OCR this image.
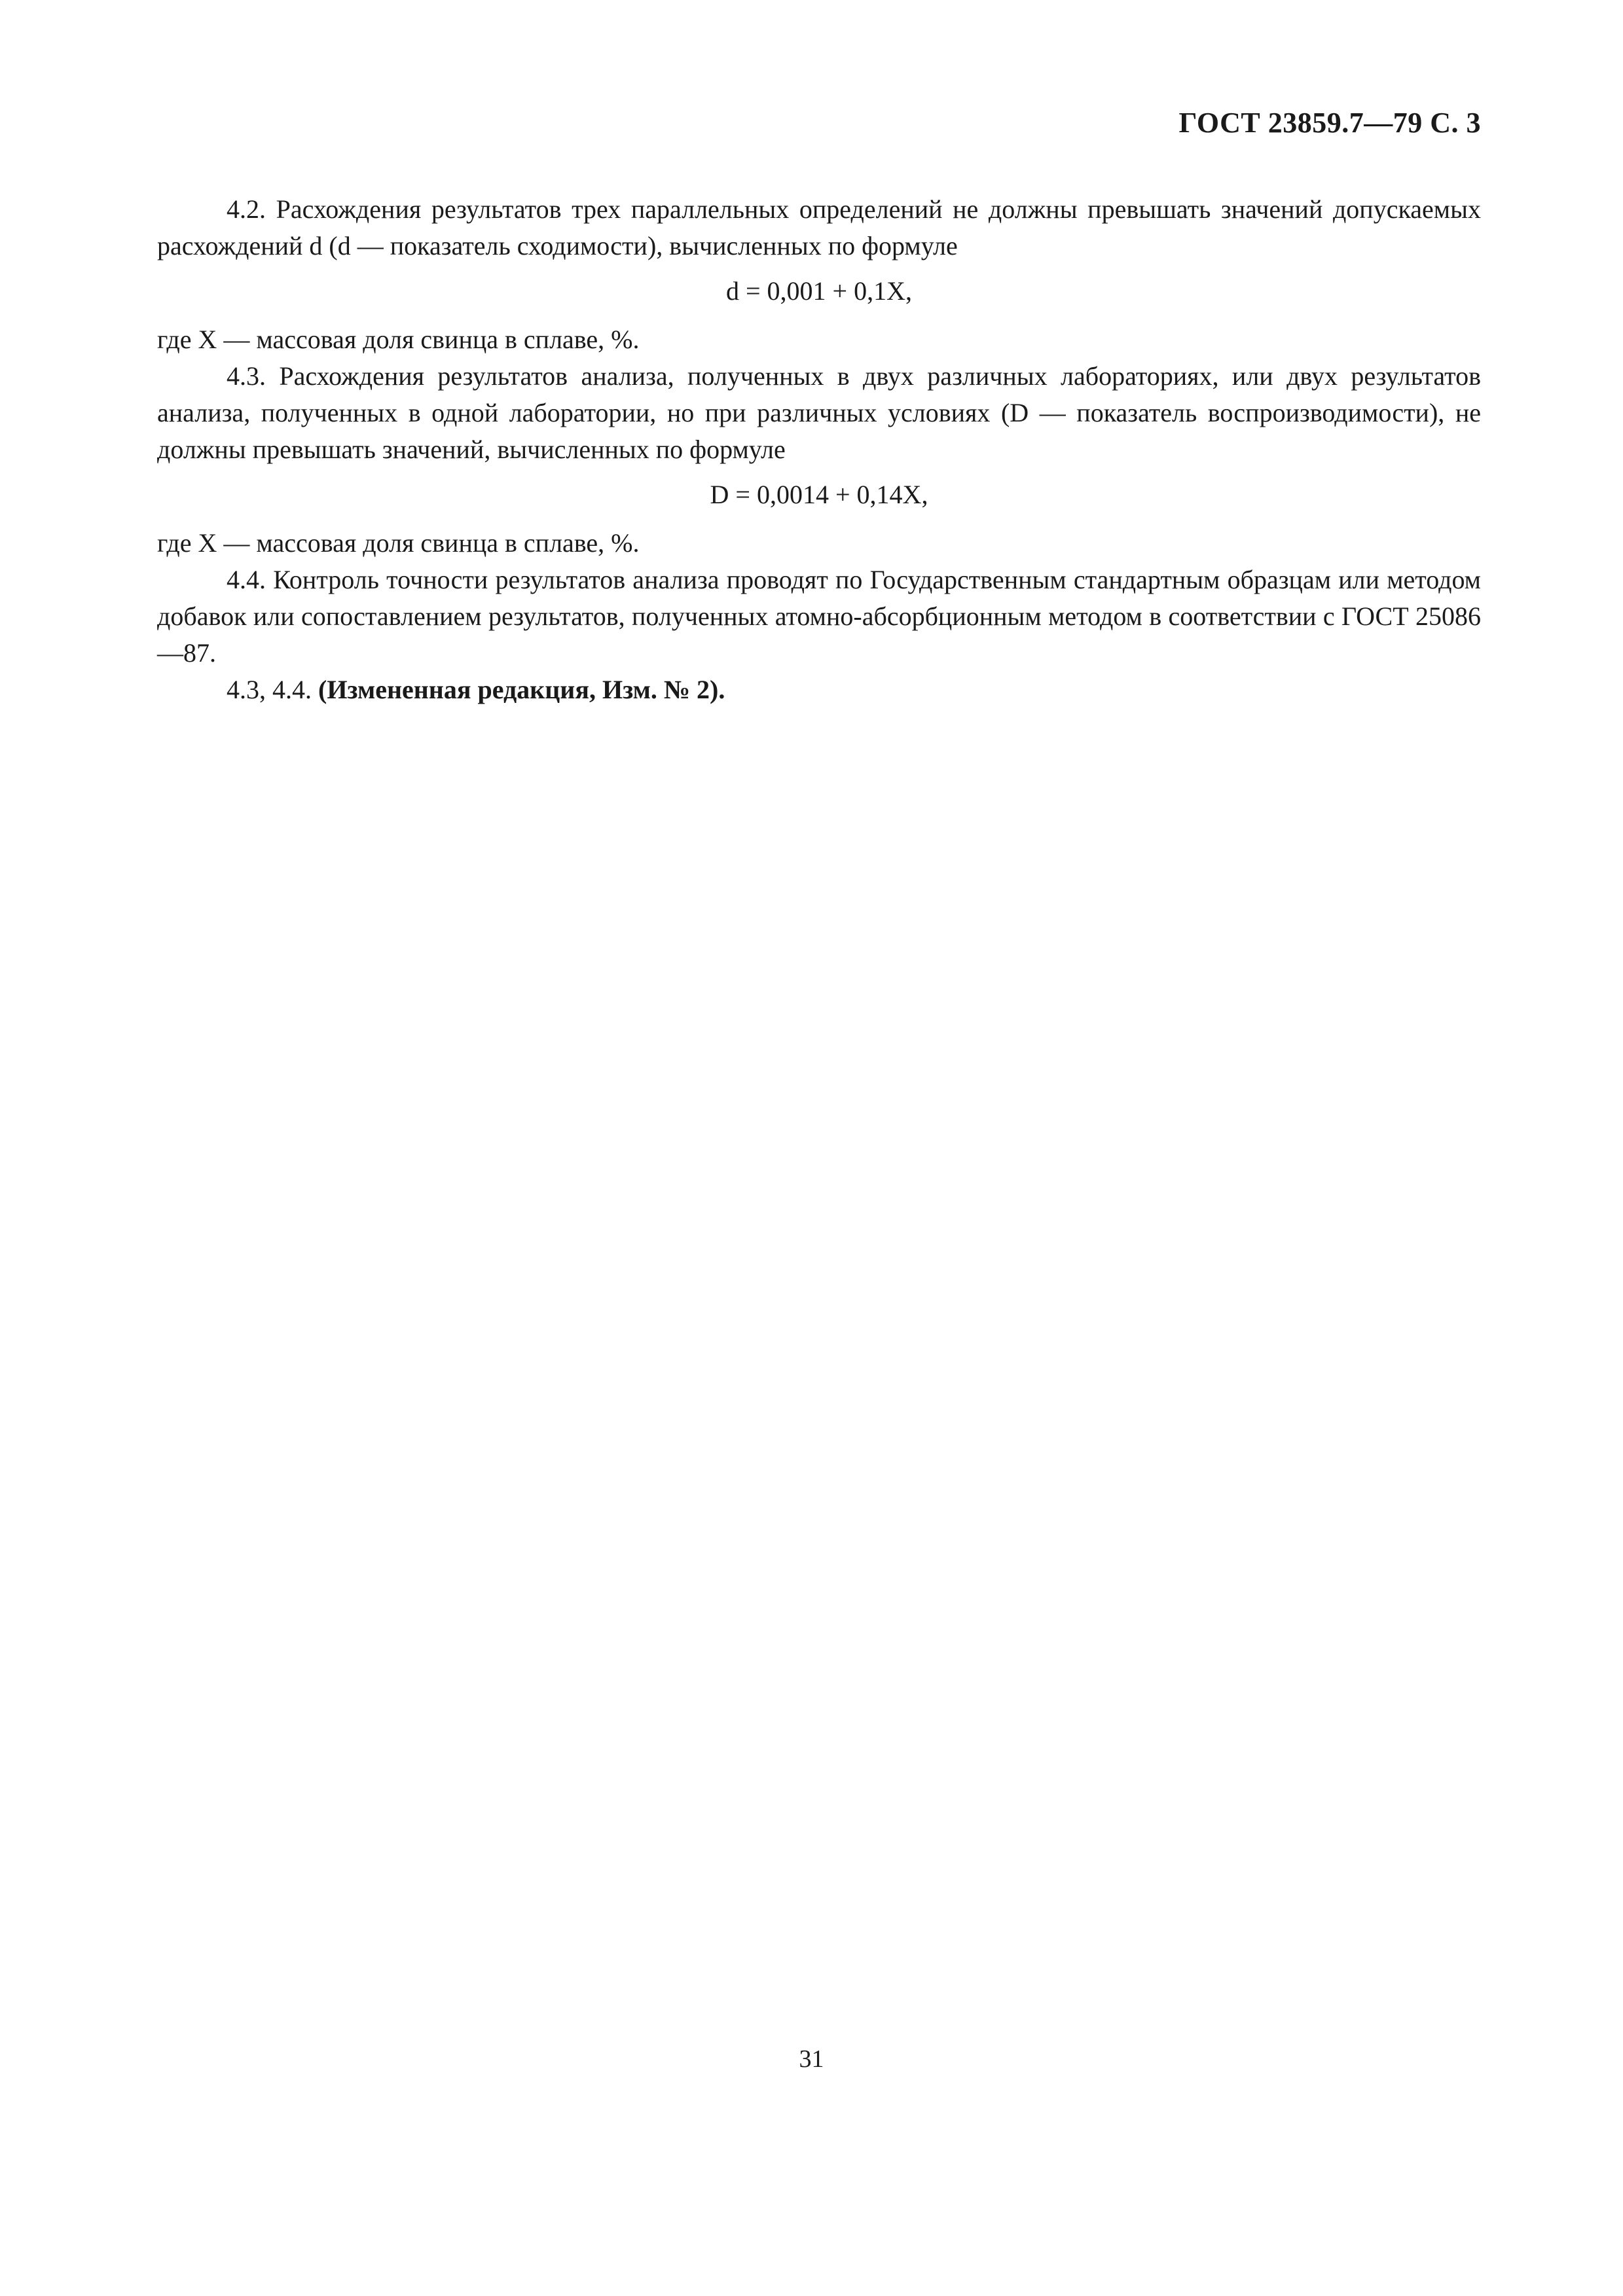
ГОСТ 23859.7—79 С. 3

4.2. Расхождения результатов трех параллельных определений не должны превышать значений допускаемых расхождений d (d — показатель сходимости), вычисленных по формуле

d = 0,001 + 0,1X,

где X — массовая доля свинца в сплаве, %.

4.3. Расхождения результатов анализа, полученных в двух различных лабораториях, или двух результатов анализа, полученных в одной лаборатории, но при различных условиях (D — показатель воспроизводимости), не должны превышать значений, вычисленных по формуле

D = 0,0014 + 0,14X,

где X — массовая доля свинца в сплаве, %.

4.4. Контроль точности результатов анализа проводят по Государственным стандартным образцам или методом добавок или сопоставлением результатов, полученных атомно-абсорбционным методом в соответствии с ГОСТ 25086—87.

4.3, 4.4. (Измененная редакция, Изм. № 2).

31
